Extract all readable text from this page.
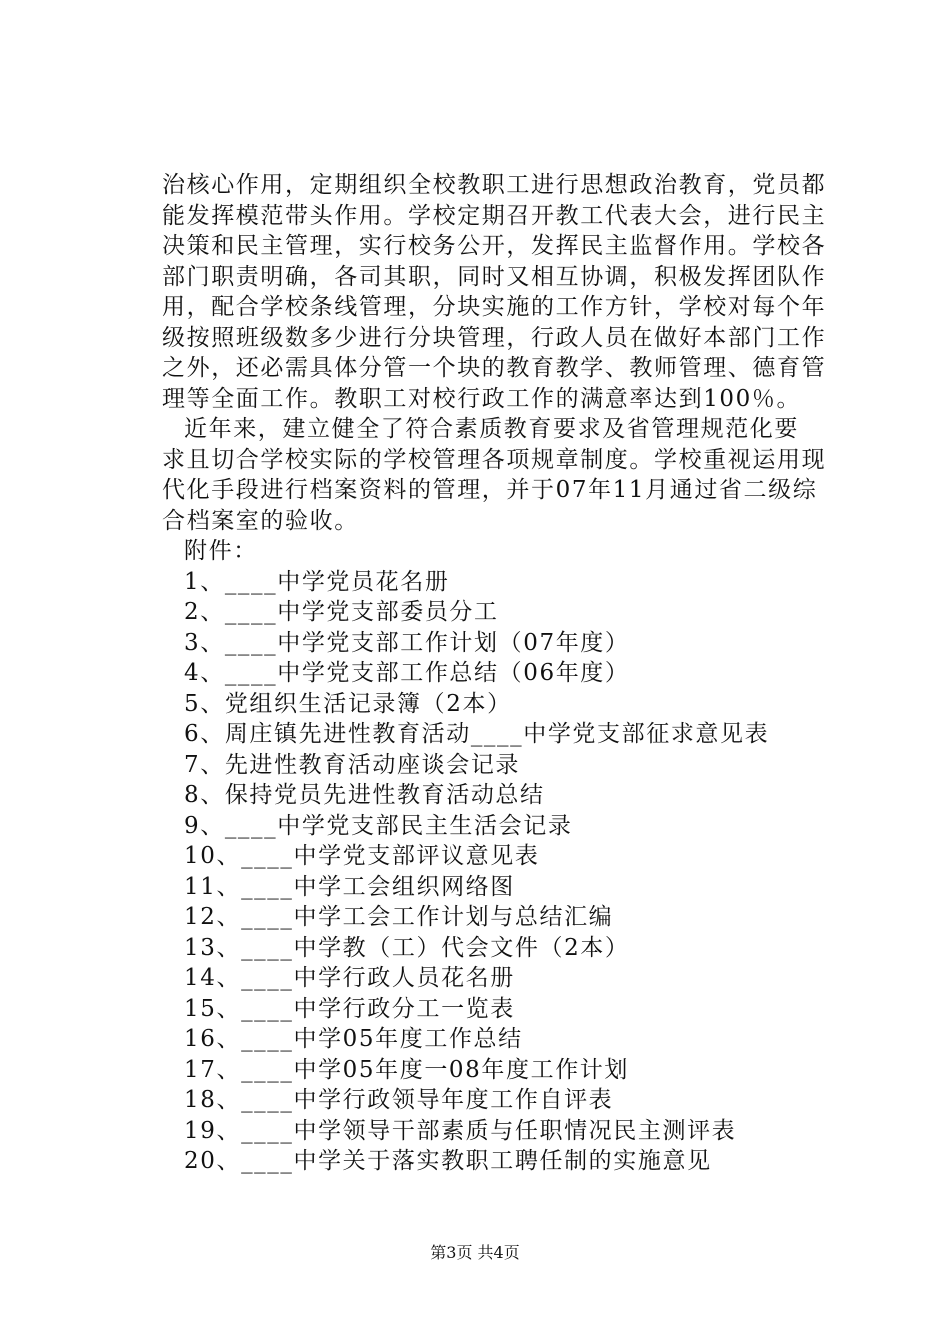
治核心作用，定期组织全校教职工进行思想政治教育，党员都
能发挥模范带头作用。学校定期召开教工代表大会，进行民主
决策和民主管理，实行校务公开，发挥民主监督作用。学校各
部门职责明确，各司其职，同时又相互协调，积极发挥团队作
用，配合学校条线管理，分块实施的工作方针，学校对每个年
级按照班级数多少进行分块管理，行政人员在做好本部门工作
之外，还必需具体分管一个块的教育教学、教师管理、德育管
理等全面工作。教职工对校行政工作的满意率达到100％。
近年来，建立健全了符合素质教育要求及省管理规范化要
求且切合学校实际的学校管理各项规章制度。学校重视运用现
代化手段进行档案资料的管理，并于07年11月通过省二级综
合档案室的验收。
附件：
1、____中学党员花名册
2、____中学党支部委员分工
3、____中学党支部工作计划（07年度）
4、____中学党支部工作总结（06年度）
5、党组织生活记录簿（2本）
6、周庄镇先进性教育活动____中学党支部征求意见表
7、先进性教育活动座谈会记录
8、保持党员先进性教育活动总结
9、____中学党支部民主生活会记录
10、____中学党支部评议意见表
11、____中学工会组织网络图
12、____中学工会工作计划与总结汇编
13、____中学教（工）代会文件（2本）
14、____中学行政人员花名册
15、____中学行政分工一览表
16、____中学05年度工作总结
17、____中学05年度一08年度工作计划
18、____中学行政领导年度工作自评表
19、____中学领导干部素质与任职情况民主测评表
20、____中学关于落实教职工聘任制的实施意见
第3页 共4页
